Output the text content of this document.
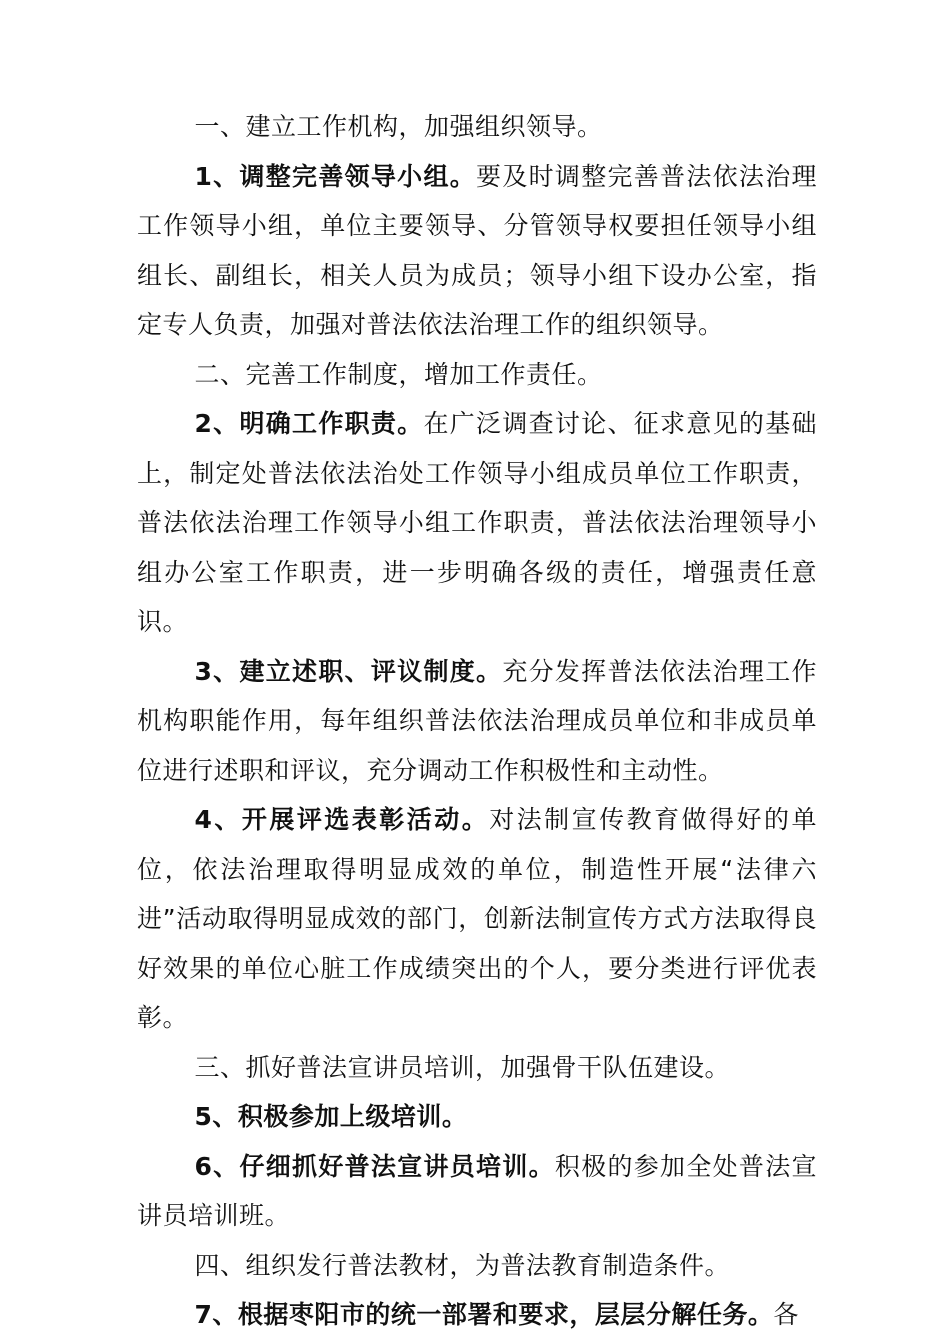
一、建立工作机构，加强组织领导。

1、调整完善领导小组。要及时调整完善普法依法治理工作领导小组，单位主要领导、分管领导权要担任领导小组组长、副组长，相关人员为成员；领导小组下设办公室，指定专人负责，加强对普法依法治理工作的组织领导。

二、完善工作制度，增加工作责任。

2、明确工作职责。在广泛调查讨论、征求意见的基础上，制定处普法依法治处工作领导小组成员单位工作职责，普法依法治理工作领导小组工作职责，普法依法治理领导小组办公室工作职责，进一步明确各级的责任，增强责任意识。

3、建立述职、评议制度。充分发挥普法依法治理工作机构职能作用，每年组织普法依法治理成员单位和非成员单位进行述职和评议，充分调动工作积极性和主动性。

4、开展评选表彰活动。对法制宣传教育做得好的单位，依法治理取得明显成效的单位，制造性开展“法律六进”活动取得明显成效的部门，创新法制宣传方式方法取得良好效果的单位心脏工作成绩突出的个人，要分类进行评优表彰。

三、抓好普法宣讲员培训，加强骨干队伍建设。

5、积极参加上级培训。

6、仔细抓好普法宣讲员培训。积极的参加全处普法宣讲员培训班。

四、组织发行普法教材，为普法教育制造条件。

7、根据枣阳市的统一部署和要求，层层分解任务。各
